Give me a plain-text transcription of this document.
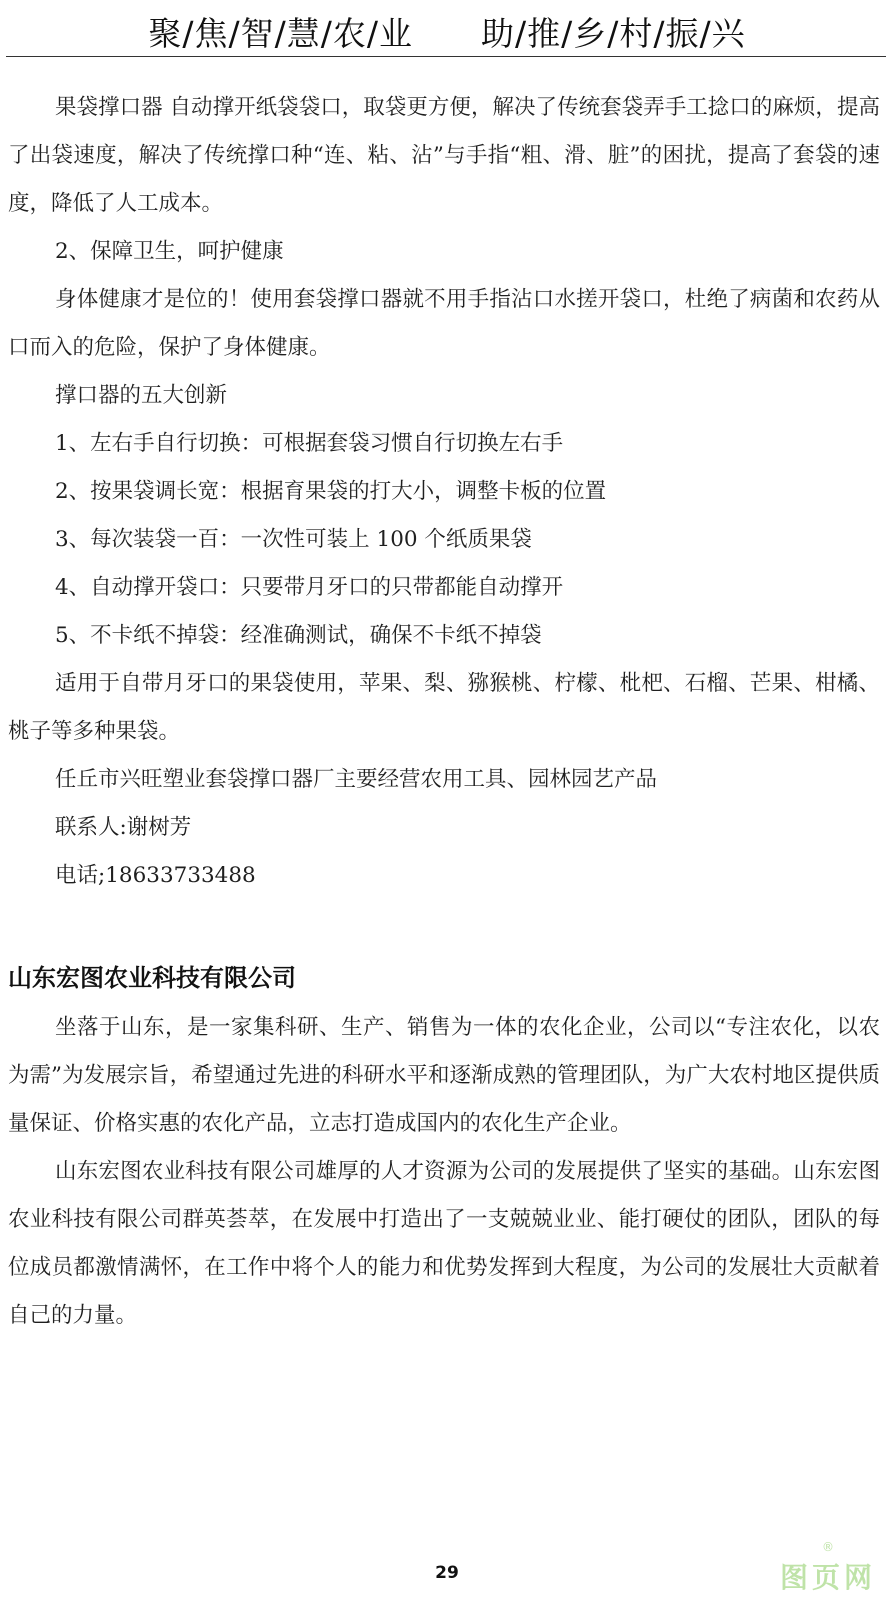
聚/焦/智/慧/农/业　　助/推/乡/村/振/兴

果袋撑口器 自动撑开纸袋袋口，取袋更方便，解决了传统套袋弄手工捻口的麻烦，提高了出袋速度，解决了传统撑口种“连、粘、沾”与手指“粗、滑、脏”的困扰，提高了套袋的速度，降低了人工成本。

2、保障卫生，呵护健康

身体健康才是位的！使用套袋撑口器就不用手指沾口水搓开袋口，杜绝了病菌和农药从口而入的危险，保护了身体健康。

撑口器的五大创新

1、左右手自行切换：可根据套袋习惯自行切换左右手

2、按果袋调长宽：根据育果袋的打大小，调整卡板的位置

3、每次装袋一百：一次性可装上 100 个纸质果袋

4、自动撑开袋口：只要带月牙口的只带都能自动撑开

5、不卡纸不掉袋：经准确测试，确保不卡纸不掉袋

适用于自带月牙口的果袋使用，苹果、梨、猕猴桃、柠檬、枇杷、石榴、芒果、柑橘、桃子等多种果袋。

任丘市兴旺塑业套袋撑口器厂主要经营农用工具、园林园艺产品

联系人:谢树芳

电话;18633733488

山东宏图农业科技有限公司

坐落于山东，是一家集科研、生产、销售为一体的农化企业，公司以“专注农化，以农为需”为发展宗旨，希望通过先进的科研水平和逐渐成熟的管理团队，为广大农村地区提供质量保证、价格实惠的农化产品，立志打造成国内的农化生产企业。

山东宏图农业科技有限公司雄厚的人才资源为公司的发展提供了坚实的基础。山东宏图农业科技有限公司群英荟萃，在发展中打造出了一支兢兢业业、能打硬仗的团队，团队的每位成员都激情满怀，在工作中将个人的能力和优势发挥到大程度，为公司的发展壮大贡献着自己的力量。

29
®
图页网
